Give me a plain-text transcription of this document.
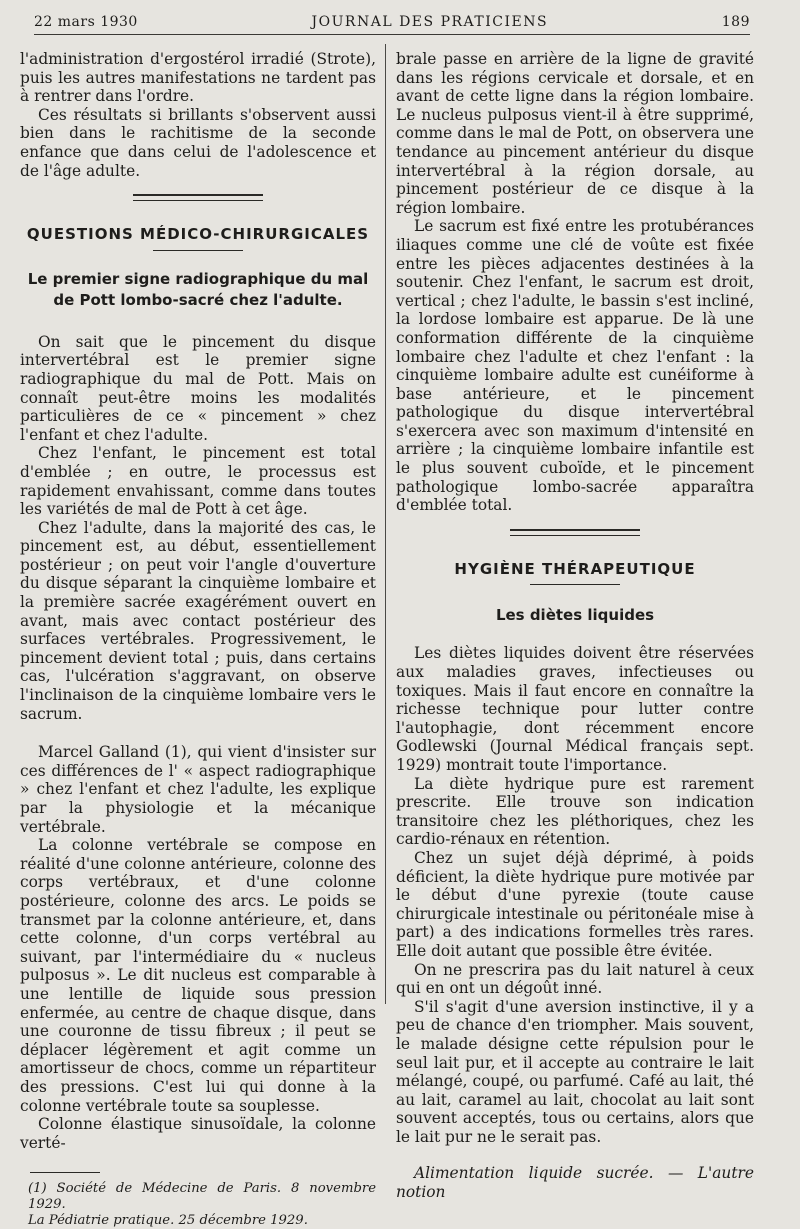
22 mars 1930	JOURNAL DES PRATICIENS	189

l'administration d'ergostérol irradié (Strote), puis les autres manifestations ne tardent pas à rentrer dans l'ordre.

Ces résultats si brillants s'observent aussi bien dans le rachitisme de la seconde enfance que dans celui de l'adolescence et de l'âge adulte.

QUESTIONS MÉDICO-CHIRURGICALES
Le premier signe radiographique du mal de Pott lombo-sacré chez l'adulte.

On sait que le pincement du disque intervertébral est le premier signe radiographique du mal de Pott. Mais on connaît peut-être moins les modalités particulières de ce « pincement » chez l'enfant et chez l'adulte.

Chez l'enfant, le pincement est total d'emblée ; en outre, le processus est rapidement envahissant, comme dans toutes les variétés de mal de Pott à cet âge.

Chez l'adulte, dans la majorité des cas, le pincement est, au début, essentiellement postérieur ; on peut voir l'angle d'ouverture du disque séparant la cinquième lombaire et la première sacrée exagérément ouvert en avant, mais avec contact postérieur des surfaces vertébrales. Progressivement, le pincement devient total ; puis, dans certains cas, l'ulcération s'aggravant, on observe l'inclinaison de la cinquième lombaire vers le sacrum.

Marcel Galland (1), qui vient d'insister sur ces différences de l' « aspect radiographique » chez l'enfant et chez l'adulte, les explique par la physiologie et la mécanique vertébrale.

La colonne vertébrale se compose en réalité d'une colonne antérieure, colonne des corps vertébraux, et d'une colonne postérieure, colonne des arcs. Le poids se transmet par la colonne antérieure, et, dans cette colonne, d'un corps vertébral au suivant, par l'intermédiaire du « nucleus pulposus ». Le dit nucleus est comparable à une lentille de liquide sous pression enfermée, au centre de chaque disque, dans une couronne de tissu fibreux ; il peut se déplacer légèrement et agit comme un amortisseur de chocs, comme un répartiteur des pressions. C'est lui qui donne à la colonne vertébrale toute sa souplesse.

Colonne élastique sinusoïdale, la colonne verté-

(1) Société de Médecine de Paris. 8 novembre 1929.
La Pédiatrie pratique. 25 décembre 1929.

brale passe en arrière de la ligne de gravité dans les régions cervicale et dorsale, et en avant de cette ligne dans la région lombaire. Le nucleus pulposus vient-il à être supprimé, comme dans le mal de Pott, on observera une tendance au pincement antérieur du disque intervertébral à la région dorsale, au pincement postérieur de ce disque à la région lombaire.

Le sacrum est fixé entre les protubérances iliaques comme une clé de voûte est fixée entre les pièces adjacentes destinées à la soutenir. Chez l'enfant, le sacrum est droit, vertical ; chez l'adulte, le bassin s'est incliné, la lordose lombaire est apparue. De là une conformation différente de la cinquième lombaire chez l'adulte et chez l'enfant : la cinquième lombaire adulte est cunéiforme à base antérieure, et le pincement pathologique du disque intervertébral s'exercera avec son maximum d'intensité en arrière ; la cinquième lombaire infantile est le plus souvent cuboïde, et le pincement pathologique lombo-sacrée apparaîtra d'emblée total.

HYGIÈNE THÉRAPEUTIQUE
Les diètes liquides

Les diètes liquides doivent être réservées aux maladies graves, infectieuses ou toxiques. Mais il faut encore en connaître la richesse technique pour lutter contre l'autophagie, dont récemment encore Godlewski (Journal Médical français sept. 1929) montrait toute l'importance.

La diète hydrique pure est rarement prescrite. Elle trouve son indication transitoire chez les pléthoriques, chez les cardio-rénaux en rétention.

Chez un sujet déjà déprimé, à poids déficient, la diète hydrique pure motivée par le début d'une pyrexie (toute cause chirurgicale intestinale ou péritonéale mise à part) a des indications formelles très rares. Elle doit autant que possible être évitée.

On ne prescrira pas du lait naturel à ceux qui en ont un dégoût inné.

S'il s'agit d'une aversion instinctive, il y a peu de chance d'en triompher. Mais souvent, le malade désigne cette répulsion pour le seul lait pur, et il accepte au contraire le lait mélangé, coupé, ou parfumé. Café au lait, thé au lait, caramel au lait, chocolat au lait sont souvent acceptés, tous ou certains, alors que le lait pur ne le serait pas.

Alimentation liquide sucrée. — L'autre notion
